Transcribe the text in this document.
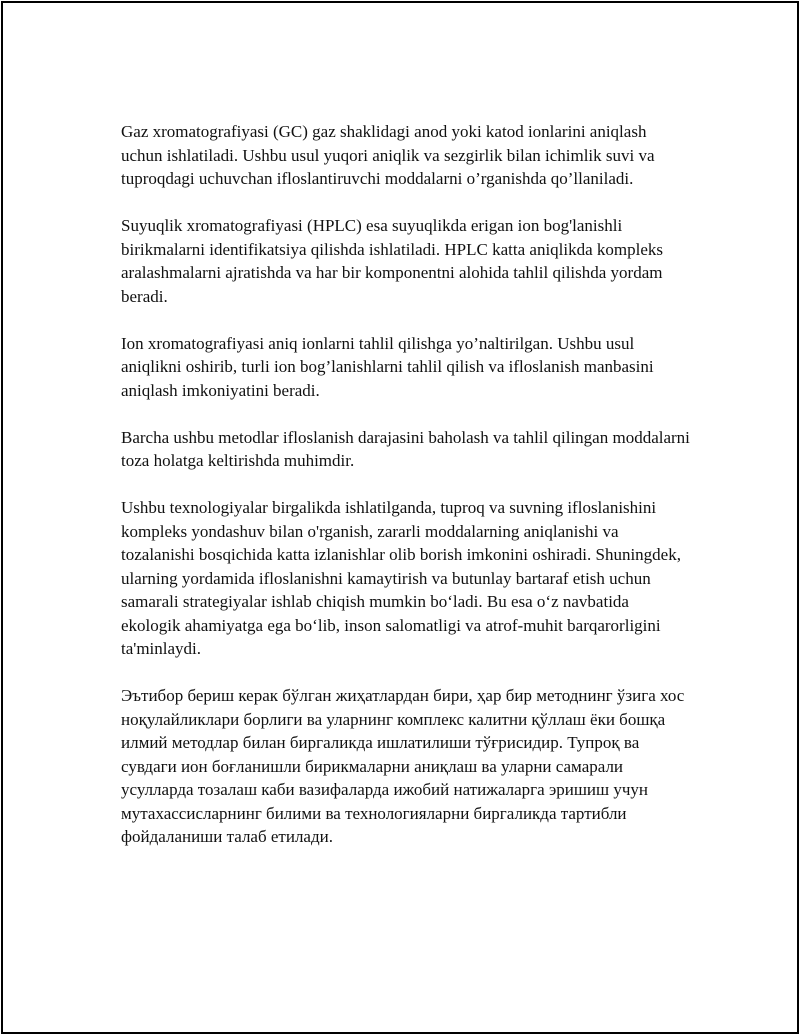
Gaz xromatografiyasi (GC) gaz shaklidagi anod yoki katod ionlarini aniqlash uchun ishlatiladi. Ushbu usul yuqori aniqlik va sezgirlik bilan ichimlik suvi va tuproqdagi uchuvchan ifloslantiruvchi moddalarni o’rganishda qo’llaniladi.

Suyuqlik xromatografiyasi (HPLC) esa suyuqlikda erigan ion bog'lanishli birikmalarni identifikatsiya qilishda ishlatiladi. HPLC katta aniqlikda kompleks aralashmalarni ajratishda va har bir komponentni alohida tahlil qilishda yordam beradi.

Ion xromatografiyasi aniq ionlarni tahlil qilishga yo’naltirilgan. Ushbu usul aniqlikni oshirib, turli ion bog’lanishlarni tahlil qilish va ifloslanish manbasini aniqlash imkoniyatini beradi.

Barcha ushbu metodlar ifloslanish darajasini baholash va tahlil qilingan moddalarni toza holatga keltirishda muhimdir.

Ushbu texnologiyalar birgalikda ishlatilganda, tuproq va suvning ifloslanishini kompleks yondashuv bilan o'rganish, zararli moddalarning aniqlanishi va tozalanishi bosqichida katta izlanishlar olib borish imkonini oshiradi. Shuningdek, ularning yordamida ifloslanishni kamaytirish va butunlay bartaraf etish uchun samarali strategiyalar ishlab chiqish mumkin bo‘ladi. Bu esa o‘z navbatida ekologik ahamiyatga ega bo‘lib, inson salomatligi va atrof-muhit barqarorligini ta'minlaydi.

Эътибор бериш керак бўлган жиҳатлардан бири, ҳар бир методнинг ўзига хос ноқулайликлари борлиги ва уларнинг комплекс калитни қўллаш ёки бошқа илмий методлар билан биргаликда ишлатилиши тўғрисидир. Тупроқ ва сувдаги ион боғланишли бирикмаларни аниқлаш ва уларни самарали усулларда тозалаш каби вазифаларда ижобий натижаларга эришиш учун мутахассисларнинг билими ва технологияларни биргаликда тартибли фойдаланиши талаб етилади.
